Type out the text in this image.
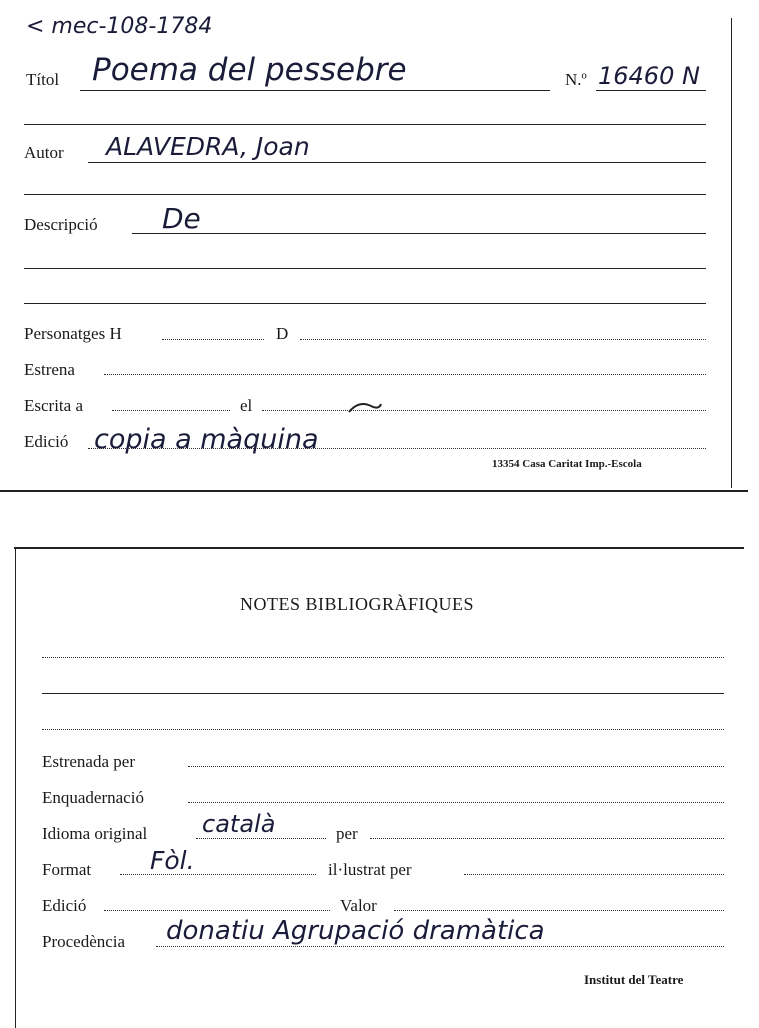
< mec-108-1784
Títol Poema del pessebre	N.º 16460 N
Autor ALAVEDRA, Joan
Descripció De
Personatges H	D
Estrena
Escrita a	el
Edició copia a màquina
13354 Casa Caritat Imp.-Escola
NOTES BIBLIOGRÀFIQUES
Estrenada per
Enquadernació
Idioma original català	per
Format Fòl.	il·lustrat per
Edició	Valor
Procedència donatiu Agrupació dramàtica
Institut del Teatre
